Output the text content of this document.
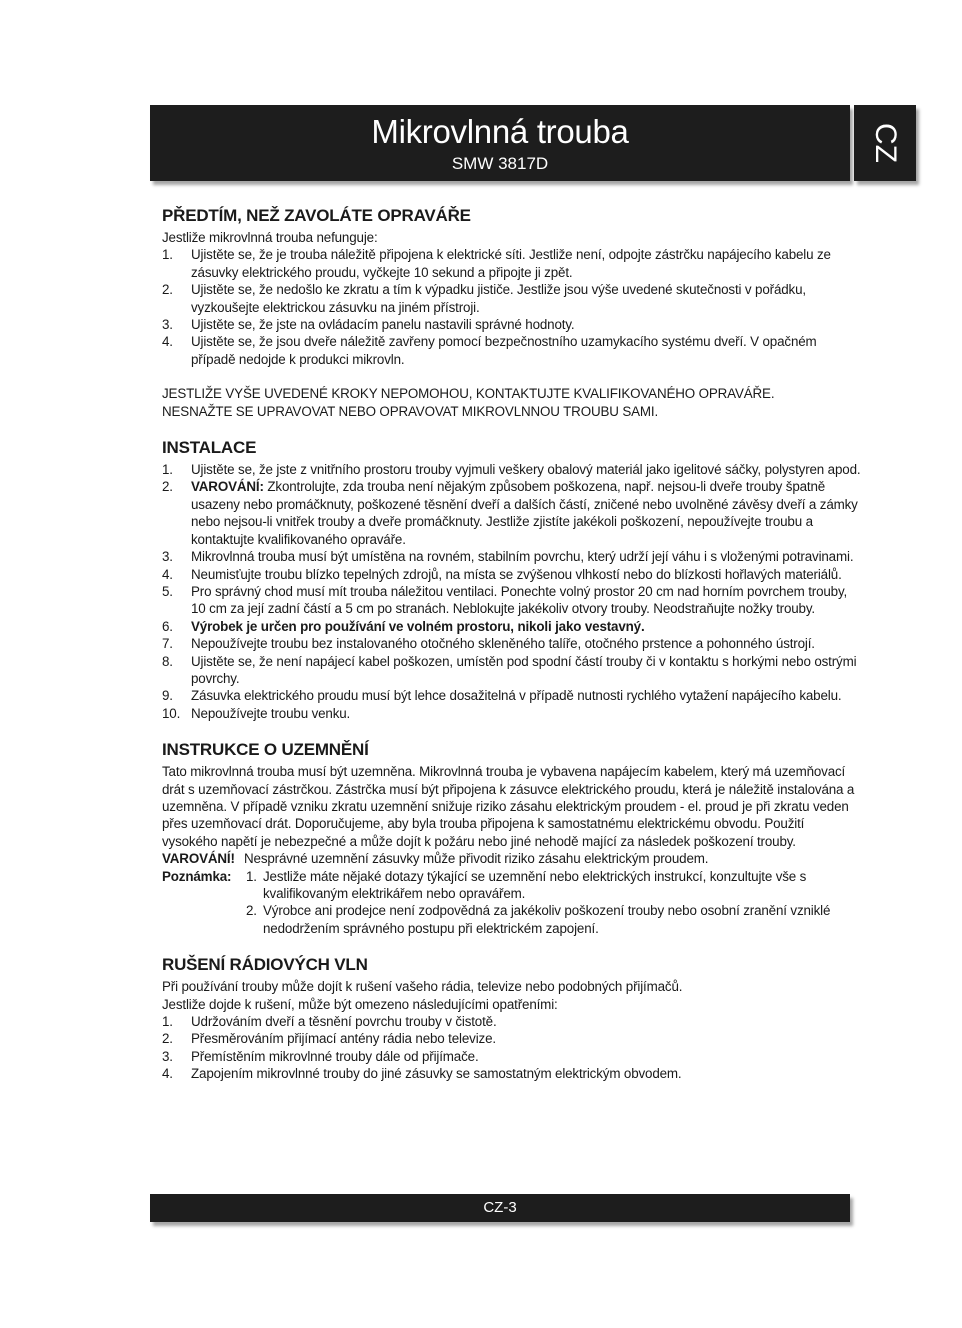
Mikrovlnná trouba
SMW 3817D
CZ
PŘEDTÍM, NEŽ ZAVOLÁTE OPRAVÁŘE

Jestliže mikrovlnná trouba nefunguje:

1.	Ujistěte se, že je trouba náležitě připojena k elektrické síti. Jestliže není, odpojte zástrčku napájecího kabelu ze zásuvky elektrického proudu, vyčkejte 10 sekund a připojte ji zpět.
2.	Ujistěte se, že nedošlo ke zkratu a tím k výpadku jističe. Jestliže jsou výše uvedené skutečnosti v pořádku, vyzkoušejte elektrickou zásuvku na jiném přístroji.
3.	Ujistěte se, že jste na ovládacím panelu nastavili správné hodnoty.
4.	Ujistěte se, že jsou dveře náležitě zavřeny pomocí bezpečnostního uzamykacího systému dveří. V opačném případě nedojde k produkci mikrovln.

JESTLIŽE VYŠE UVEDENÉ KROKY NEPOMOHOU, KONTAKTUJTE KVALIFIKOVANÉHO OPRAVÁŘE.

NESNAŽTE SE UPRAVOVAT NEBO OPRAVOVAT MIKROVLNNOU TROUBU SAMI.

INSTALACE
1.	Ujistěte se, že jste z vnitřního prostoru trouby vyjmuli veškery obalový materiál jako igelitové sáčky, polystyren apod.
2.	VAROVÁNÍ: Zkontrolujte, zda trouba není nějakým způsobem poškozena, např. nejsou-li dveře trouby špatně usazeny nebo promáčknuty, poškozené těsnění dveří a dalších částí, zničené nebo uvolněné závěsy dveří a zámky nebo nejsou-li vnitřek trouby a dveře promáčknuty. Jestliže zjistíte jakékoli poškození, nepoužívejte troubu a kontaktujte kvalifikovaného opraváře.
3.	Mikrovlnná trouba musí být umístěna na rovném, stabilním povrchu, který udrží její váhu i s vloženými potravinami.
4.	Neumisťujte troubu blízko tepelných zdrojů, na místa se zvýšenou vlhkostí nebo do blízkosti hořlavých materiálů.
5.	Pro správný chod musí mít trouba náležitou ventilaci. Ponechte volný prostor 20 cm nad horním povrchem trouby, 10 cm za její zadní částí a 5 cm po stranách. Neblokujte jakékoliv otvory trouby. Neodstraňujte nožky trouby.
6.	Výrobek je určen pro používání ve volném prostoru, nikoli jako vestavný.
7.	Nepoužívejte troubu bez instalovaného otočného skleněného talíře, otočného prstence a pohonného ústrojí.
8.	Ujistěte se, že není napájecí kabel poškozen, umístěn pod spodní částí trouby či v kontaktu s horkými nebo ostrými povrchy.
9.	Zásuvka elektrického proudu musí být lehce dosažitelná v případě nutnosti rychlého vytažení napájecího kabelu.
10. Nepoužívejte troubu venku.
INSTRUKCE O UZEMNĚNÍ

Tato mikrovlnná trouba musí být uzemněna. Mikrovlnná trouba je vybavena napájecím kabelem, který má uzemňovací drát s uzemňovací zástrčkou. Zástrčka musí být připojena k zásuvce elektrického proudu, která je náležitě instalována a uzemněna. V případě vzniku zkratu uzemnění snižuje riziko zásahu elektrickým proudem - el. proud je při zkratu veden přes uzemňovací drát. Doporučujeme, aby byla trouba připojena k samostatnému elektrickému obvodu. Použití vysokého napětí je nebezpečné a může dojít k požáru nebo jiné nehodě mající za následek poškození trouby.

VAROVÁNÍ! Nesprávné uzemnění zásuvky může přivodit riziko zásahu elektrickým proudem.
Poznámka:	1. Jestliže máte nějaké dotazy týkající se uzemnění nebo elektrických instrukcí, konzultujte vše s kvalifikovaným elektrikářem nebo opravářem.
2. Výrobce ani prodejce není zodpovědná za jakékoliv poškození trouby nebo osobní zranění vzniklé nedodržením správného postupu při elektrickém zapojení.
RUŠENÍ RÁDIOVÝCH VLN

Při používání trouby může dojít k rušení vašeho rádia, televize nebo podobných přijímačů.

Jestliže dojde k rušení, může být omezeno následujícími opatřeními:

1.	Udržováním dveří a těsnění povrchu trouby v čistotě.
2.	Přesměrováním přijímací antény rádia nebo televize.
3.	Přemístěním mikrovlnné trouby dále od přijímače.
4.	Zapojením mikrovlnné trouby do jiné zásuvky se samostatným elektrickým obvodem.
CZ-3
